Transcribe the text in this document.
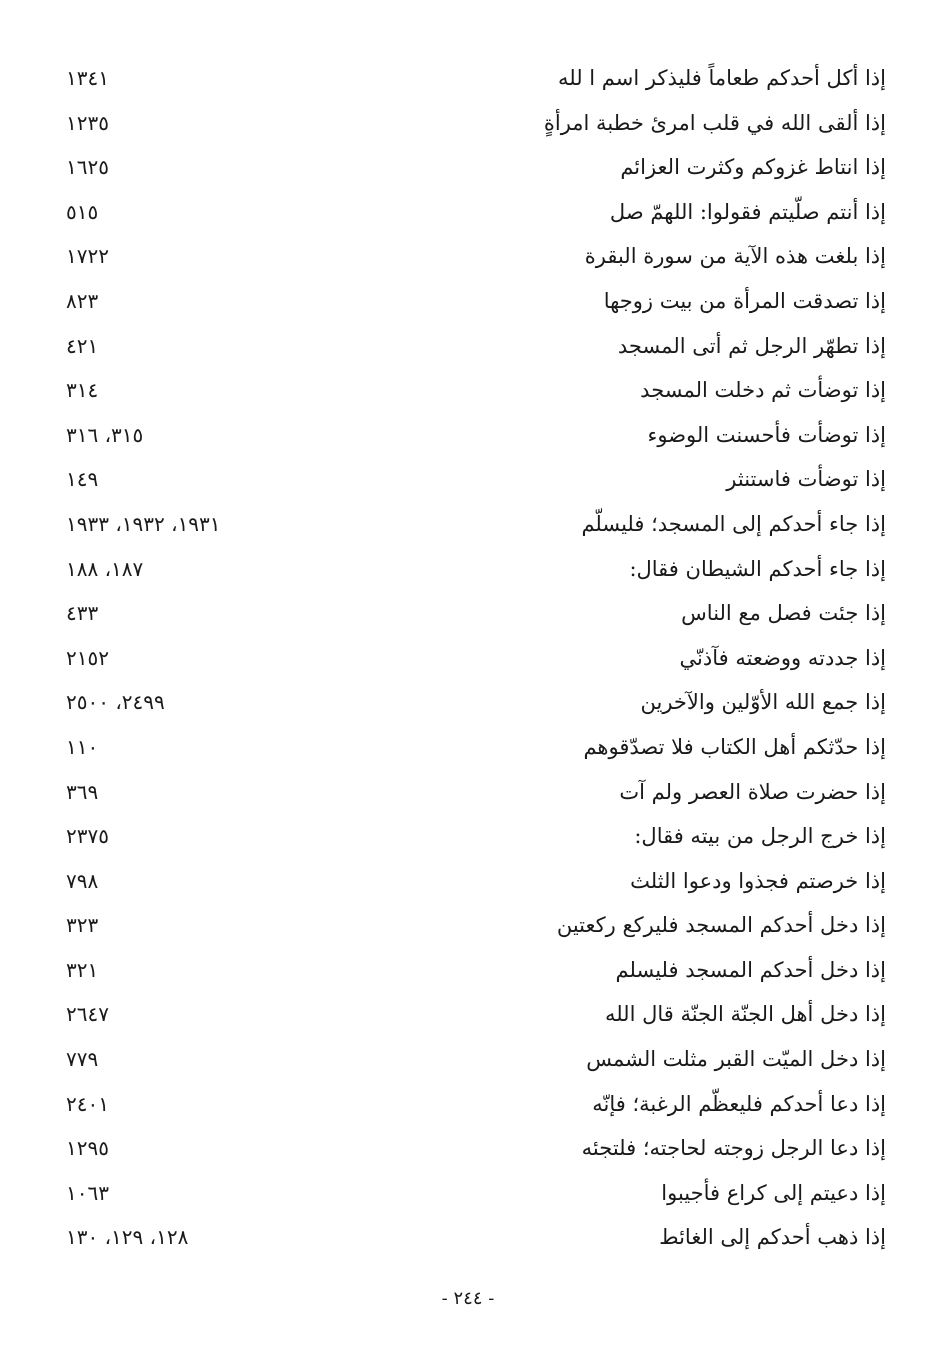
إذا أكل أحدكم طعاماً فليذكر اسم ا لله
١٣٤١
إذا ألقى الله في قلب امرئ خطبة امرأةٍ
١٢٣٥
إذا انتاط غزوكم وكثرت العزائم
١٦٢٥
إذا أنتم صلّيتم فقولوا: اللهمّ صل
٥١٥
إذا بلغت هذه الآية من سورة البقرة
١٧٢٢
إذا تصدقت المرأة من بيت زوجها
٨٢٣
إذا تطهّر الرجل ثم أتى المسجد
٤٢١
إذا توضأت ثم دخلت المسجد
٣١٤
إذا توضأت فأحسنت الوضوء
٣١٥، ٣١٦
إذا توضأت فاستنثر
١٤٩
إذا جاء أحدكم إلى المسجد؛ فليسلّم
١٩٣١، ١٩٣٢، ١٩٣٣
إذا جاء أحدكم الشيطان فقال:
١٨٧، ١٨٨
إذا جئت فصل مع الناس
٤٣٣
إذا جددته ووضعته فآذنّي
٢١٥٢
إذا جمع الله الأوّلين والآخرين
٢٤٩٩، ٢٥٠٠
إذا حدّثكم أهل الكتاب فلا تصدّقوهم
١١٠
إذا حضرت صلاة العصر ولم آت
٣٦٩
إذا خرج الرجل من بيته فقال:
٢٣٧٥
إذا خرصتم فجذوا ودعوا الثلث
٧٩٨
إذا دخل أحدكم المسجد فليركع ركعتين
٣٢٣
إذا دخل أحدكم المسجد فليسلم
٣٢١
إذا دخل أهل الجنّة الجنّة قال الله
٢٦٤٧
إذا دخل الميّت القبر مثلت الشمس
٧٧٩
إذا دعا أحدكم فليعظّم الرغبة؛ فإنّه
٢٤٠١
إذا دعا الرجل زوجته لحاجته؛ فلتجئه
١٢٩٥
إذا دعيتم إلى كراع فأجيبوا
١٠٦٣
إذا ذهب أحدكم إلى الغائط
١٢٨، ١٢٩، ١٣٠
- ٢٤٤ -
